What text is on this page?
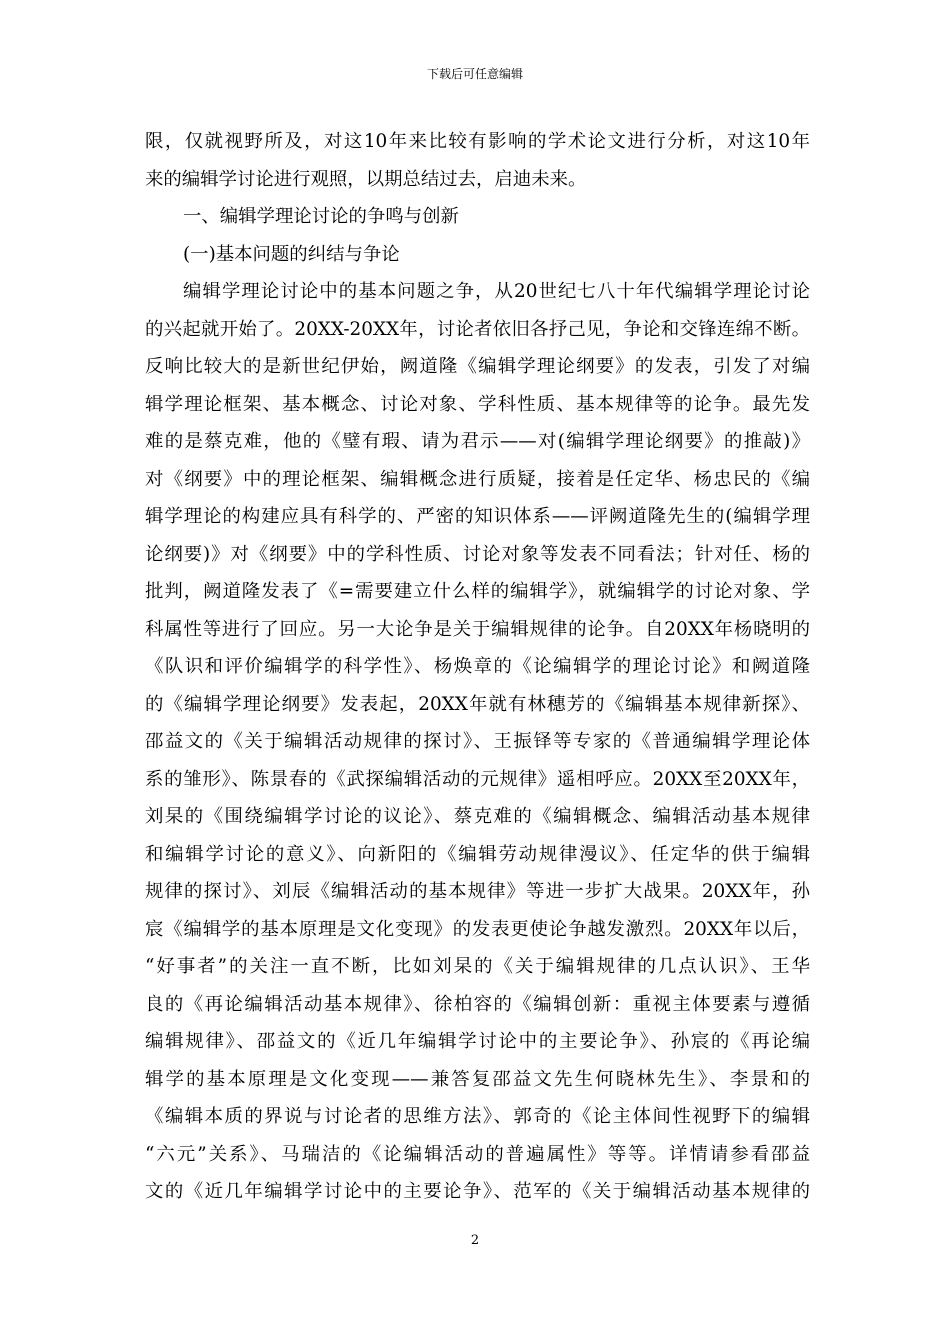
下载后可任意编辑
限，仅就视野所及，对这10年来比较有影响的学术论文进行分析，对这10年
来的编辑学讨论进行观照，以期总结过去，启迪未来。
一、编辑学理论讨论的争鸣与创新
(一)基本问题的纠结与争论
编辑学理论讨论中的基本问题之争，从20世纪七八十年代编辑学理论讨论
的兴起就开始了。20XX-20XX年，讨论者依旧各抒己见，争论和交锋连绵不断。
反响比较大的是新世纪伊始，阙道隆《编辑学理论纲要》的发表，引发了对编
辑学理论框架、基本概念、讨论对象、学科性质、基本规律等的论争。最先发
难的是蔡克难，他的《璧有瑕、请为君示——对(编辑学理论纲要》的推敲)》
对《纲要》中的理论框架、编辑概念进行质疑，接着是任定华、杨忠民的《编
辑学理论的构建应具有科学的、严密的知识体系——评阙道隆先生的(编辑学理
论纲要)》对《纲要》中的学科性质、讨论对象等发表不同看法；针对任、杨的
批判，阙道隆发表了《=需要建立什么样的编辑学》，就编辑学的讨论对象、学
科属性等进行了回应。另一大论争是关于编辑规律的论争。自20XX年杨晓明的
《队识和评价编辑学的科学性》、杨焕章的《论编辑学的理论讨论》和阙道隆
的《编辑学理论纲要》发表起，20XX年就有林穗芳的《编辑基本规律新探》、
邵益文的《关于编辑活动规律的探讨》、王振铎等专家的《普通编辑学理论体
系的雏形》、陈景春的《武探编辑活动的元规律》遥相呼应。20XX至20XX年，
刘杲的《围绕编辑学讨论的议论》、蔡克难的《编辑概念、编辑活动基本规律
和编辑学讨论的意义》、向新阳的《编辑劳动规律漫议》、任定华的供于编辑
规律的探讨》、刘辰《编辑活动的基本规律》等进一步扩大战果。20XX年，孙
宸《编辑学的基本原理是文化变现》的发表更使论争越发激烈。20XX年以后，
“好事者”的关注一直不断，比如刘杲的《关于编辑规律的几点认识》、王华
良的《再论编辑活动基本规律》、徐柏容的《编辑创新：重视主体要素与遵循
编辑规律》、邵益文的《近几年编辑学讨论中的主要论争》、孙宸的《再论编
辑学的基本原理是文化变现——兼答复邵益文先生何晓林先生》、李景和的
《编辑本质的界说与讨论者的思维方法》、郭奇的《论主体间性视野下的编辑
“六元”关系》、马瑞洁的《论编辑活动的普遍属性》等等。详情请参看邵益
文的《近几年编辑学讨论中的主要论争》、范军的《关于编辑活动基本规律的
2
